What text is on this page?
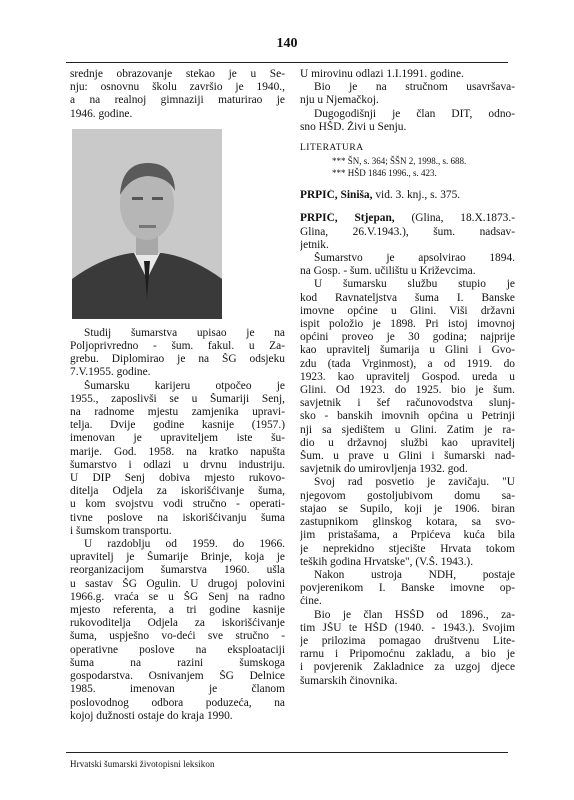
140
srednje obrazovanje stekao je u Se-
nju: osnovnu školu završio je 1940.,
a na realnoj gimnaziji maturirao je
1946. godine.
Studij šumarstva upisao je na
Poljoprivredno - šum. fakul. u Za-
grebu. Diplomirao je na ŠG odsjeku
7.V.1955. godine.
Šumarsku karijeru otpočeo je
1955., zaposlivši se u Šumariji Senj,
na radnome mjestu zamjenika upravi-
telja. Dvije godine kasnije (1957.)
imenovan je upraviteljem iste šu-
marije. God. 1958. na kratko napušta
šumarstvo i odlazi u drvnu industriju.
U DIP Senj dobiva mjesto rukovo-
ditelja Odjela za iskorišćivanje šuma,
u kom svojstvu vodi stručno - operati-
tivne poslove na iskorišćivanju šuma
i šumskom transportu.
U razdoblju od 1959. do 1966.
upravitelj je Šumarije Brinje, koja je
reorganizacijom šumarstva 1960. ušla
u sastav ŠG Ogulin. U drugoj polovini
1966.g. vraća se u ŠG Senj na radno
mjesto referenta, a tri godine kasnije
rukovoditelja Odjela za iskorišćivanje
šuma, uspješno vo-deći sve stručno -
operativne poslove na eksploataciji
šuma na razini šumskoga
gospodarstva. Osnivanjem ŠG Delnice
1985. imenovan je članom
poslovodnog odbora poduzeća, na
kojoj dužnosti ostaje do kraja 1990.
U mirovinu odlazi 1.I.1991. godine.
Bio je na stručnom usavršava-
nju u Njemačkoj.
Dugogodišnji je član DIT, odno-
sno HŠD. Živi u Senju.
LITERATURA
*** ŠN, s. 364; ŠŠN 2, 1998., s. 688.
*** HŠD 1846 1996., s. 423.
PRPIĆ, Siniša, vid. 3. knj., s. 375.
PRPIĆ, Stjepan, (Glina, 18.X.1873.-
Glina, 26.V.1943.), šum. nadsav-
jetnik.
Šumarstvo je apsolvirao 1894.
na Gosp. - šum. učilištu u Križevcima.
U šumarsku službu stupio je
kod Ravnateljstva šuma I. Banske
imovne općine u Glini. Viši državni
ispit položio je 1898. Pri istoj imovnoj
općini proveo je 30 godina; najprije
kao upravitelj šumarija u Glini i Gvo-
zdu (tada Vrginmost), a od 1919. do
1923. kao upravitelj Gospod. ureda u
Glini. Od 1923. do 1925. bio je šum.
savjetnik i šef računovodstva slunj-
sko - banskih imovnih općina u Petrinji
nji sa sjedištem u Glini. Zatim je ra-
dio u državnoj službi kao upravitelj
Šum. u prave u Glini i šumarski nad-
savjetnik do umirovljenja 1932. god.
Svoj rad posvetio je zavičaju. "U
njegovom gostoljubivom domu sa-
stajao se Supilo, koji je 1906. biran
zastupnikom glinskog kotara, sa svo-
jim pristašama, a Prpićeva kuća bila
je neprekidno stjecište Hrvata tokom
teških godina Hrvatske", (V.Š. 1943.).
Nakon ustroja NDH, postaje
povjerenikom I. Banske imovne op-
ćine.
Bio je član HSŠD od 1896., za-
tim JŠU te HŠD (1940. - 1943.). Svojim
je prilozima pomagao društvenu Lite-
rarnu i Pripomoćnu zakladu, a bio je
i povjerenik Zakladnice za uzgoj djece
šumarskih činovnika.
Hrvatski šumarski životopisni leksikon
